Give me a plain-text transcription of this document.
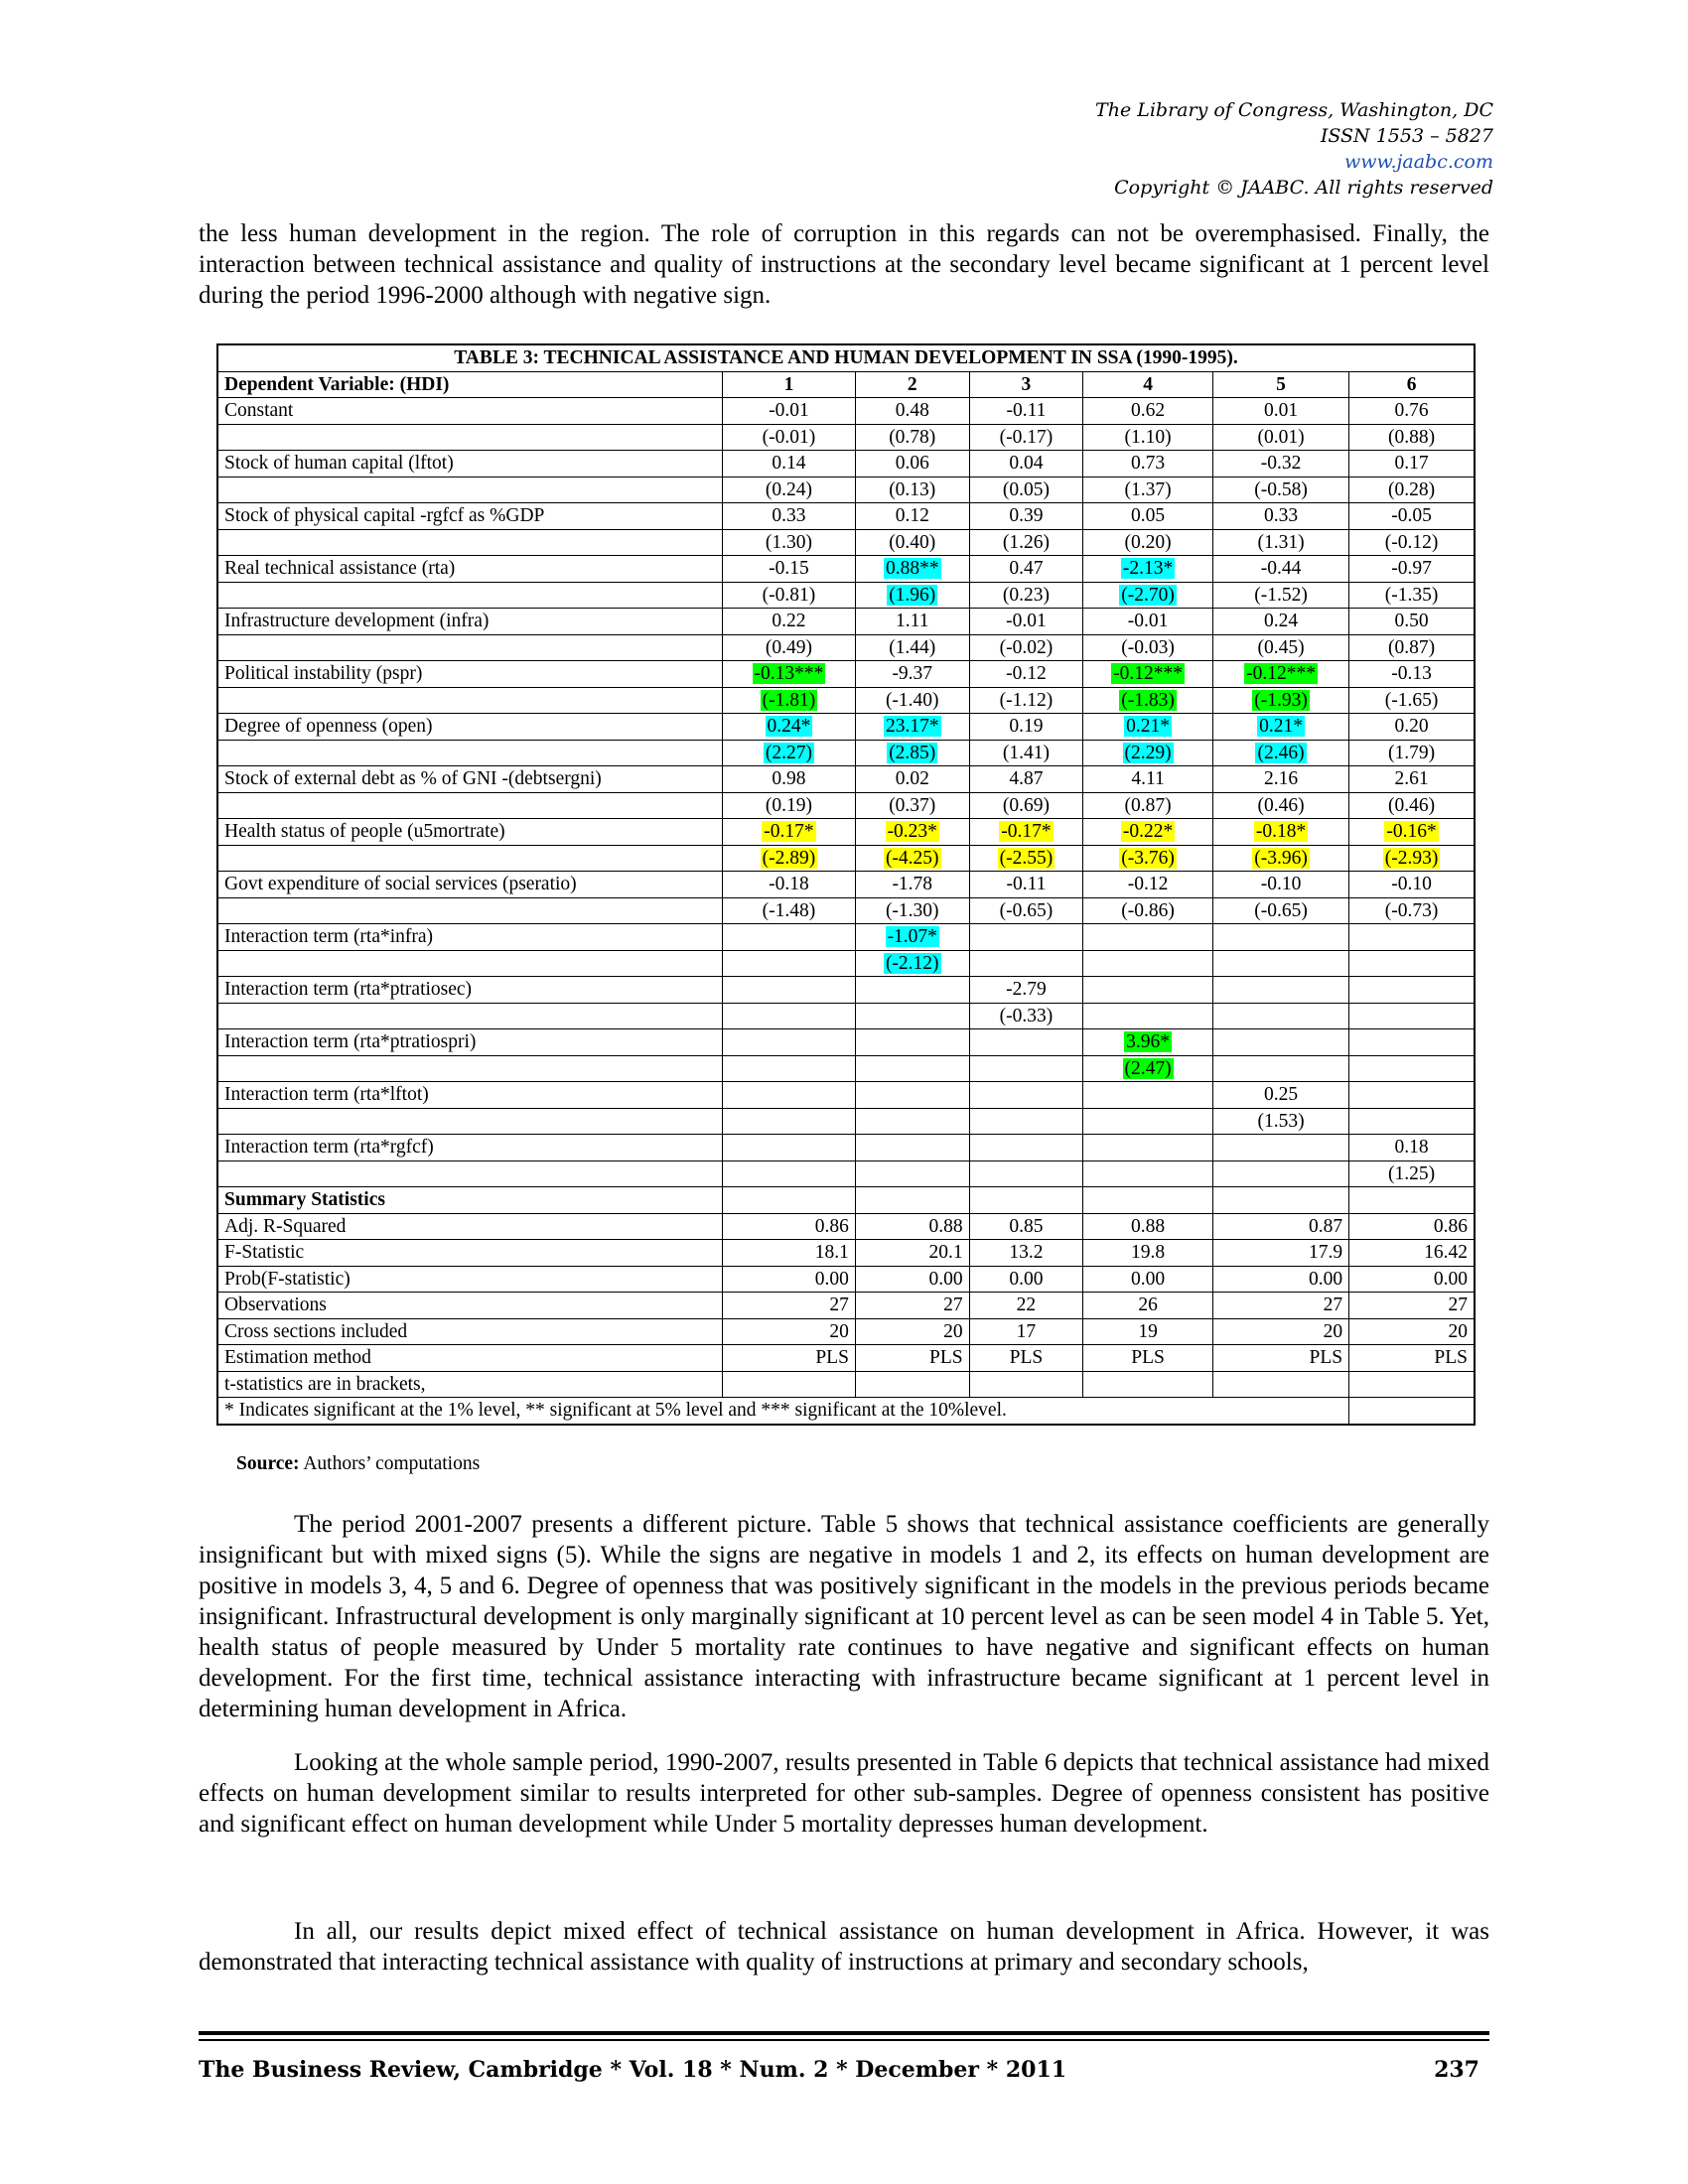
The Library of Congress, Washington, DC
ISSN 1553 – 5827
www.jaabc.com
Copyright © JAABC. All rights reserved
the less human development in the region. The role of corruption in this regards can not be overemphasised. Finally, the interaction between technical assistance and quality of instructions at the secondary level became significant at 1 percent level during the period 1996-2000 although with negative sign.
TABLE 3: TECHNICAL ASSISTANCE AND HUMAN DEVELOPMENT IN SSA (1990-1995).						
Dependent Variable: (HDI)	1	2	3	4	5	6
Constant	-0.01	0.48	-0.11	0.62	0.01	0.76
	(-0.01)	(0.78)	(-0.17)	(1.10)	(0.01)	(0.88)
Stock of human capital (lftot)	0.14	0.06	0.04	0.73	-0.32	0.17
	(0.24)	(0.13)	(0.05)	(1.37)	(-0.58)	(0.28)
Stock of physical capital -rgfcf as %GDP	0.33	0.12	0.39	0.05	0.33	-0.05
	(1.30)	(0.40)	(1.26)	(0.20)	(1.31)	(-0.12)
Real technical assistance (rta)	-0.15	0.88**	0.47	-2.13*	-0.44	-0.97
	(-0.81)	(1.96)	(0.23)	(-2.70)	(-1.52)	(-1.35)
Infrastructure development (infra)	0.22	1.11	-0.01	-0.01	0.24	0.50
	(0.49)	(1.44)	(-0.02)	(-0.03)	(0.45)	(0.87)
Political instability (pspr)	-0.13***	-9.37	-0.12	-0.12***	-0.12***	-0.13
	(-1.81)	(-1.40)	(-1.12)	(-1.83)	(-1.93)	(-1.65)
Degree of openness (open)	0.24*	23.17*	0.19	0.21*	0.21*	0.20
	(2.27)	(2.85)	(1.41)	(2.29)	(2.46)	(1.79)
Stock of external debt as % of GNI -(debtsergni)	0.98	0.02	4.87	4.11	2.16	2.61
	(0.19)	(0.37)	(0.69)	(0.87)	(0.46)	(0.46)
Health status of people (u5mortrate)	-0.17*	-0.23*	-0.17*	-0.22*	-0.18*	-0.16*
	(-2.89)	(-4.25)	(-2.55)	(-3.76)	(-3.96)	(-2.93)
Govt expenditure of social services (pseratio)	-0.18	-1.78	-0.11	-0.12	-0.10	-0.10
	(-1.48)	(-1.30)	(-0.65)	(-0.86)	(-0.65)	(-0.73)
Interaction term (rta*infra)		-1.07*				
		(-2.12)				
Interaction term (rta*ptratiosec)			-2.79			
			(-0.33)			
Interaction term (rta*ptratiospri)				3.96*		
				(2.47)		
Interaction term (rta*lftot)					0.25	
					(1.53)	
Interaction term (rta*rgfcf)						0.18
						(1.25)
Summary Statistics						
Adj. R-Squared	0.86	0.88	0.85	0.88	0.87	0.86
F-Statistic	18.1	20.1	13.2	19.8	17.9	16.42
Prob(F-statistic)	0.00	0.00	0.00	0.00	0.00	0.00
Observations	27	27	22	26	27	27
Cross sections included	20	20	17	19	20	20
Estimation method	PLS	PLS	PLS	PLS	PLS	PLS
t-statistics are in brackets,						
* Indicates significant at the 1% level, ** significant at 5% level and *** significant at the 10%level.						
Source: Authors’ computations
The period 2001-2007 presents a different picture. Table 5 shows that technical assistance coefficients are generally insignificant but with mixed signs (5). While the signs are negative in models 1 and 2, its effects on human development are positive in models 3, 4, 5 and 6. Degree of openness that was positively significant in the models in the previous periods became insignificant. Infrastructural development is only marginally significant at 10 percent level as can be seen model 4 in Table 5. Yet, health status of people measured by Under 5 mortality rate continues to have negative and significant effects on human development. For the first time, technical assistance interacting with infrastructure became significant at 1 percent level in determining human development in Africa.
Looking at the whole sample period, 1990-2007, results presented in Table 6 depicts that technical assistance had mixed effects on human development similar to results interpreted for other sub-samples. Degree of openness consistent has positive and significant effect on human development while Under 5 mortality depresses human development.
In all, our results depict mixed effect of technical assistance on human development in Africa. However, it was demonstrated that interacting technical assistance with quality of instructions at primary and secondary schools,
The Business Review, Cambridge * Vol. 18 * Num. 2 * December * 2011	237
